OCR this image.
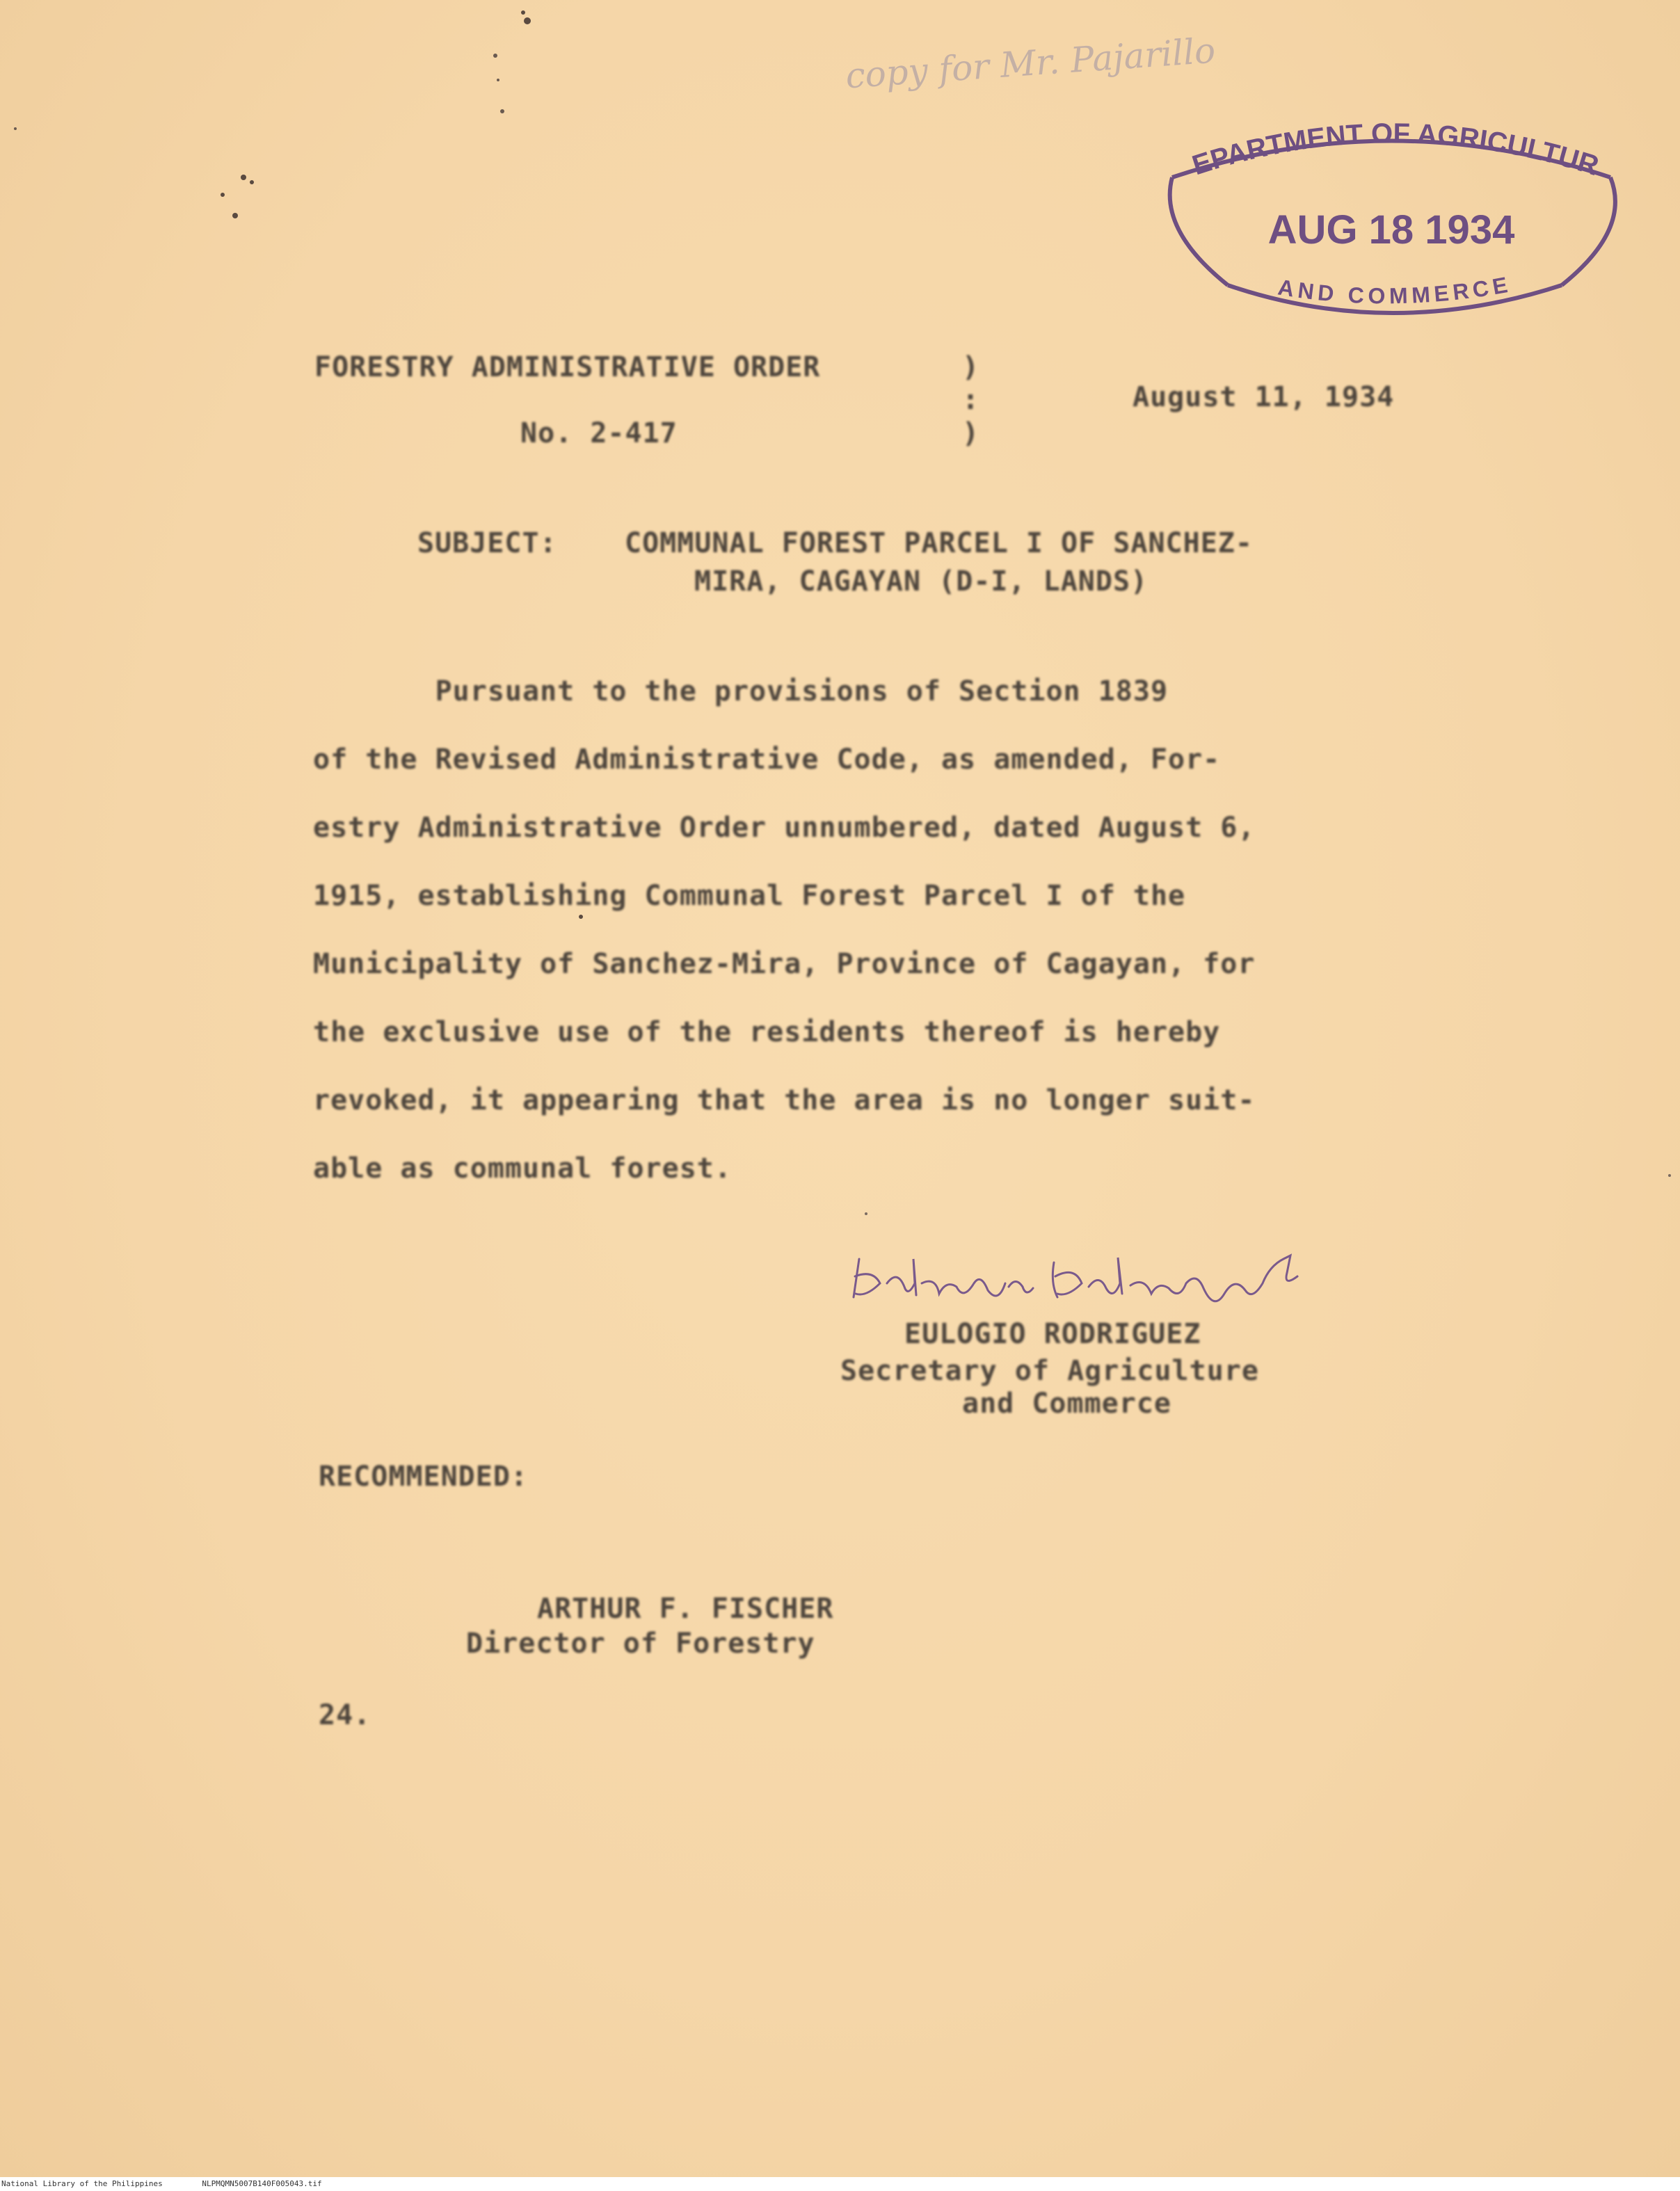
copy for Mr. Pajarillo
EPARTMENT OF AGRICULTUR
AUG 18 1934
AND COMMERCE
FORESTRY ADMINISTRATIVE ORDER
No. 2-417
)
:
)
August 11, 1934
SUBJECT: COMMUNAL FOREST PARCEL I OF SANCHEZ-
MIRA, CAGAYAN (D-I, LANDS)
Pursuant to the provisions of Section 1839
of the Revised Administrative Code, as amended, For-
estry Administrative Order unnumbered, dated August 6,
1915, establishing Communal Forest Parcel I of the
Municipality of Sanchez-Mira, Province of Cagayan, for
the exclusive use of the residents thereof is hereby
revoked, it appearing that the area is no longer suit-
able as communal forest.
EULOGIO RODRIGUEZ
Secretary of Agriculture
and Commerce
RECOMMENDED:
ARTHUR F. FISCHER
Director of Forestry
24.
National Library of the Philippines	NLPMQMN5007B140F005043.tif
